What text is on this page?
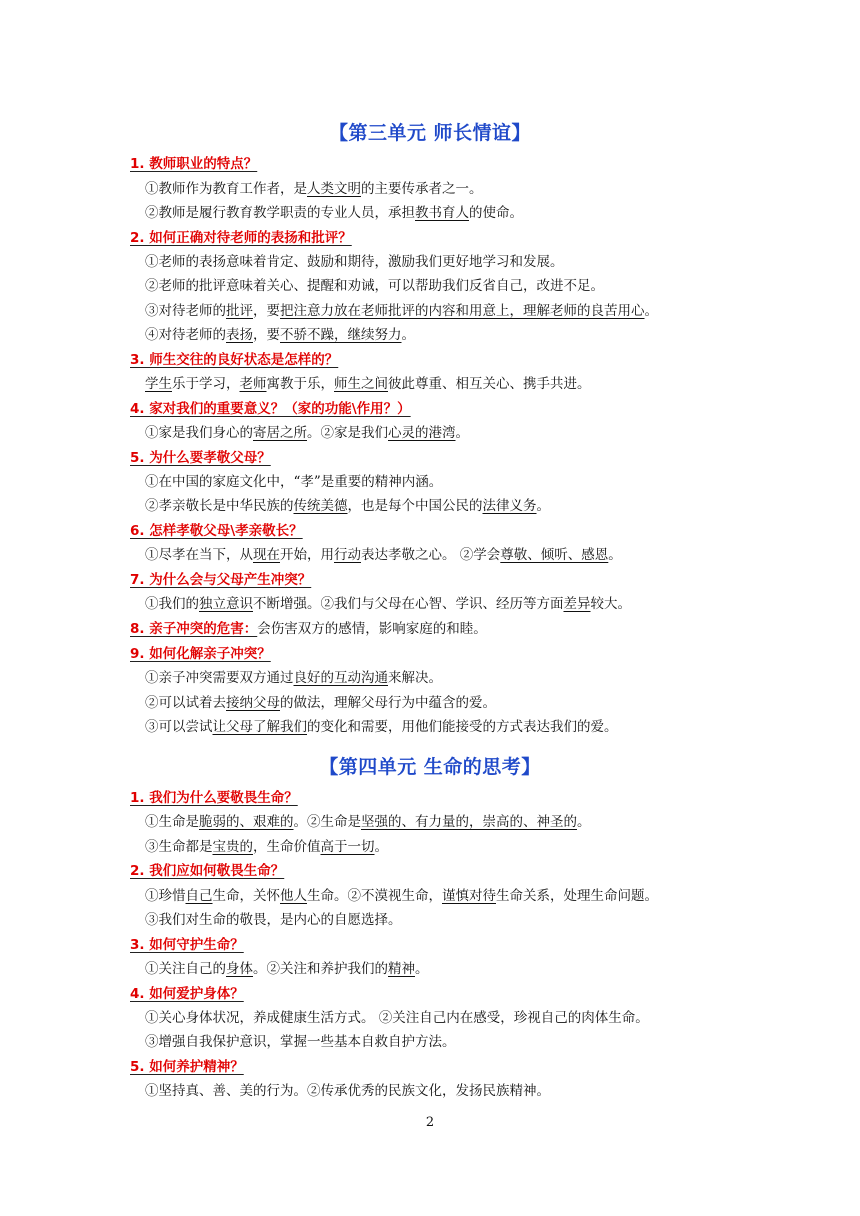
【第三单元 师长情谊】
1. 教师职业的特点？
①教师作为教育工作者，是人类文明的主要传承者之一。
②教师是履行教育教学职责的专业人员，承担教书育人的使命。
2. 如何正确对待老师的表扬和批评？
①老师的表扬意味着肯定、鼓励和期待，激励我们更好地学习和发展。
②老师的批评意味着关心、提醒和劝诫，可以帮助我们反省自己，改进不足。
③对待老师的批评，要把注意力放在老师批评的内容和用意上，理解老师的良苦用心。
④对待老师的表扬，要不骄不躁，继续努力。
3. 师生交往的良好状态是怎样的？
学生乐于学习，老师寓教于乐，师生之间彼此尊重、相互关心、携手共进。
4. 家对我们的重要意义？（家的功能\作用？）
①家是我们身心的寄居之所。②家是我们心灵的港湾。
5. 为什么要孝敬父母？
①在中国的家庭文化中，“孝”是重要的精神内涵。
②孝亲敬长是中华民族的传统美德，也是每个中国公民的法律义务。
6. 怎样孝敬父母\孝亲敬长？
①尽孝在当下，从现在开始，用行动表达孝敬之心。 ②学会尊敬、倾听、感恩。
7. 为什么会与父母产生冲突？
①我们的独立意识不断增强。②我们与父母在心智、学识、经历等方面差异较大。
8. 亲子冲突的危害：会伤害双方的感情，影响家庭的和睦。
9. 如何化解亲子冲突？
①亲子冲突需要双方通过良好的互动沟通来解决。
②可以试着去接纳父母的做法，理解父母行为中蕴含的爱。
③可以尝试让父母了解我们的变化和需要，用他们能接受的方式表达我们的爱。
【第四单元 生命的思考】
1. 我们为什么要敬畏生命？
①生命是脆弱的、艰难的。②生命是坚强的、有力量的，崇高的、神圣的。
③生命都是宝贵的，生命价值高于一切。
2. 我们应如何敬畏生命？
①珍惜自己生命，关怀他人生命。②不漠视生命，谨慎对待生命关系，处理生命问题。
③我们对生命的敬畏，是内心的自愿选择。
3. 如何守护生命？
①关注自己的身体。②关注和养护我们的精神。
4. 如何爱护身体？
①关心身体状况，养成健康生活方式。 ②关注自己内在感受，珍视自己的肉体生命。
③增强自我保护意识，掌握一些基本自救自护方法。
5. 如何养护精神？
①坚持真、善、美的行为。②传承优秀的民族文化，发扬民族精神。
2
